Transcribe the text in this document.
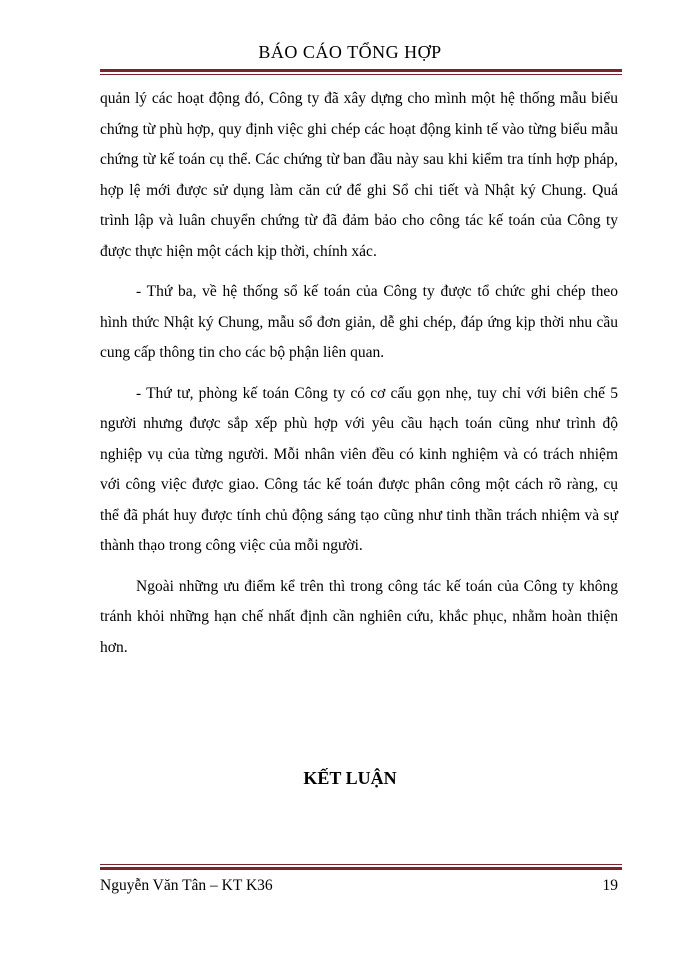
BÁO CÁO TỔNG HỢP

quản lý các hoạt động đó, Công ty đã xây dựng cho mình một hệ thống mẫu biểu chứng từ phù hợp, quy định việc ghi chép các hoạt động kinh tế vào từng biểu mẫu chứng từ kế toán cụ thể. Các chứng từ ban đầu này sau khi kiểm tra tính hợp pháp, hợp lệ mới được sử dụng làm căn cứ để ghi Sổ chi tiết và Nhật ký Chung. Quá trình lập và luân chuyển chứng từ đã đảm bảo cho công tác kế toán của Công ty được thực hiện một cách kịp thời, chính xác.

- Thứ ba, về hệ thống sổ kế toán của Công ty được tổ chức ghi chép theo hình thức Nhật ký Chung, mẫu sổ đơn giản, dễ ghi chép, đáp ứng kịp thời nhu cầu cung cấp thông tin cho các bộ phận liên quan.

- Thứ tư, phòng kế toán Công ty có cơ cấu gọn nhẹ, tuy chỉ với biên chế 5 người nhưng được sắp xếp phù hợp với yêu cầu hạch toán cũng như trình độ nghiệp vụ của từng người. Mỗi nhân viên đều có kinh nghiệm và có trách nhiệm với công việc được giao. Công tác kế toán được phân công một cách rõ ràng, cụ thể đã phát huy được tính chủ động sáng tạo cũng như tinh thần trách nhiệm và sự thành thạo trong công việc của mỗi người.

Ngoài những ưu điểm kể trên thì trong công tác kế toán của Công ty không tránh khỏi những hạn chế nhất định cần nghiên cứu, khắc phục, nhằm hoàn thiện hơn.

KẾT LUẬN
Nguyễn Văn Tân – KT K36	19
